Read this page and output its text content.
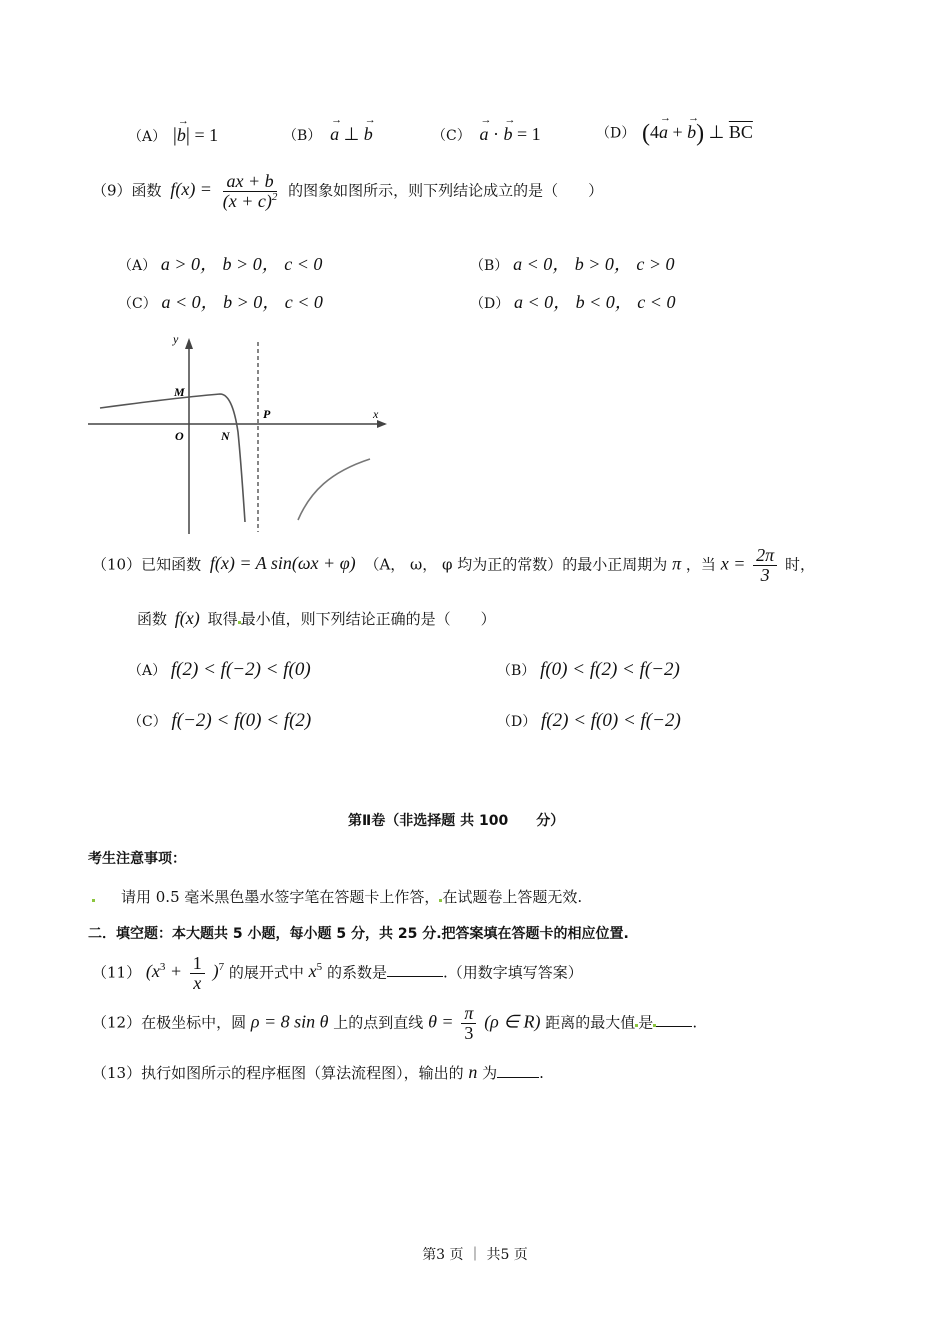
（A） |→ b| = 1	（B） → a ⊥ → b	（C） → a · → b = 1	（D） (4→ a + → b) ⊥ $\overline{BC}$
（9）函数 $f(x) = \frac{ax + b}{(x + c)^2}$ 的图象如图所示，则下列结论成立的是（　　）
（A） a > 0， b > 0， c < 0	（B） a < 0， b > 0， c > 0
（C） a < 0， b > 0， c < 0	（D） a < 0， b < 0， c < 0
y
x
M
O	N
P
（10）已知函数 f(x) = A sin(ωx + φ) （A， ω， φ 均为正的常数）的最小正周期为 π ，当 $x = \frac{2\pi}{3}$ 时，
函数 f(x) 取得 最小值，则下列结论正确的是（　　）
（A） f(2) < f(−2) < f(0)	（B） f(0) < f(2) < f(−2)
（C） f(−2) < f(0) < f(2)	（D） f(2) < f(0) < f(−2)
第Ⅱ卷（非选择题 共 100　　分）
考生注意事项：
请用 0.5 毫米黑色墨水签字笔在答题卡上作答， 在试题卷上答题无效.
二．填空题：本大题共 5 小题，每小题 5 分，共 25 分.把答案填在答题卡的相应位置.
（11） $(x^3 + \frac{1}{x} )^7$ 的展开式中 $x^5$ 的系数是	.（用数字填写答案）
（12）在极坐标中，圆 ρ = 8 sin θ 上的点到直线 $\theta = \frac{\pi}{3} (\rho$ ∈ R) 距离的最大值 是	.
（13）执行如图所示的程序框图（算法流程图），输出的 n 为	.
第3 页 ｜ 共5 页
